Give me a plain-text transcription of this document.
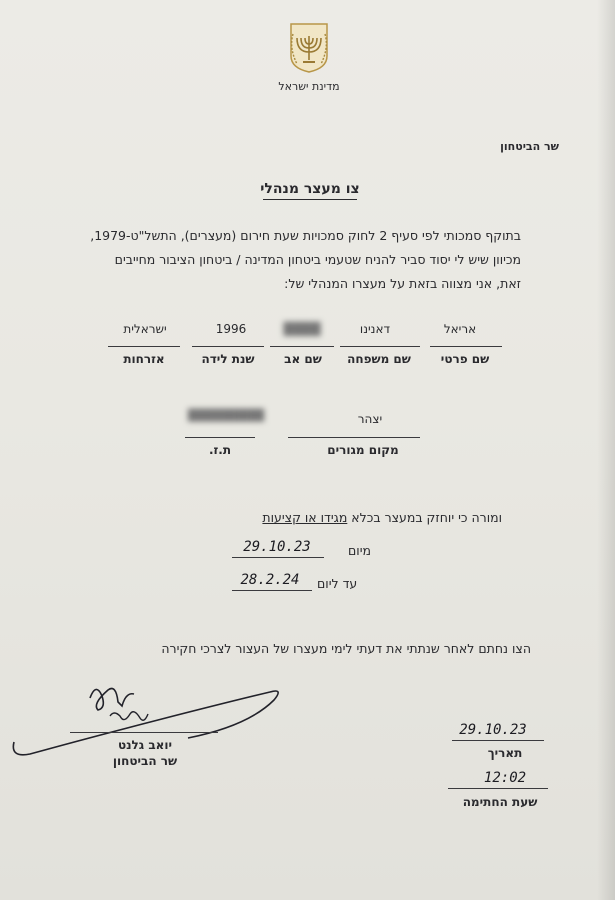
מדינת ישראל
שר הביטחון
צו מעצר מנהלי
בתוקף סמכותי לפי סעיף 2 לחוק סמכויות שעת חירום (מעצרים), התשל"ט-1979,
מכיוון שיש לי יסוד סביר להניח שטעמי ביטחון המדינה / ביטחון הציבור מחייבים
זאת, אני מצווה בזאת על מעצרו המנהלי של:
אריאל
שם פרטי
דאנינו
שם משפחה
████
שם אב
1996
שנת לידה
ישראלית
אזרחות
יצהר
מקום מגורים
█████████
ת.ז.
ומורה כי יוחזק במעצר בכלא מגידו או קציעות
מיום
29.10.23
עד ליום
28.2.24
הצו נחתם לאחר שנתתי את דעתי לימי מעצרו של העצור לצרכי חקירה
יואב גלנט
שר הביטחון
29.10.23
תאריך
12:02
שעת החתימה
